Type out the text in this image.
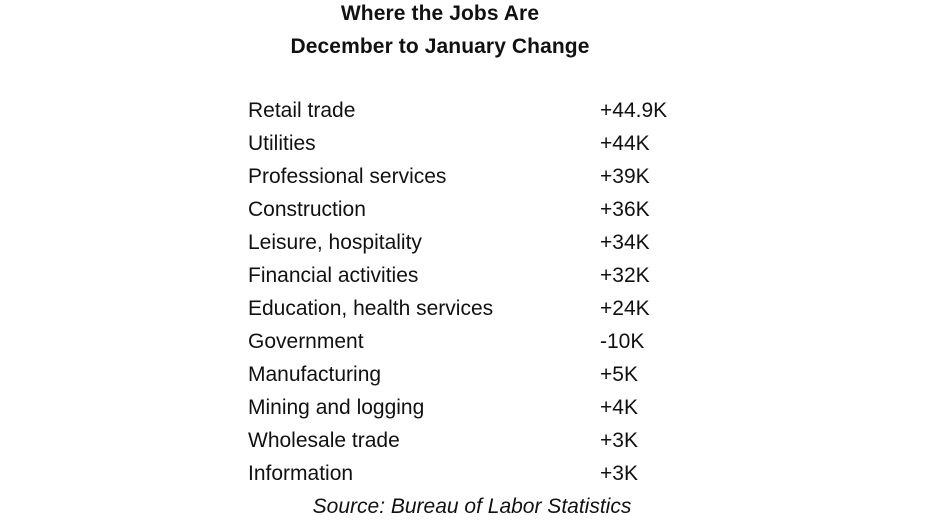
Where the Jobs Are
December to January Change
Retail trade	+44.9K
Utilities	+44K
Professional services	+39K
Construction	+36K
Leisure, hospitality	+34K
Financial activities	+32K
Education, health services	+24K
Government	-10K
Manufacturing	+5K
Mining and logging	+4K
Wholesale trade	+3K
Information	+3K
Source: Bureau of Labor Statistics
